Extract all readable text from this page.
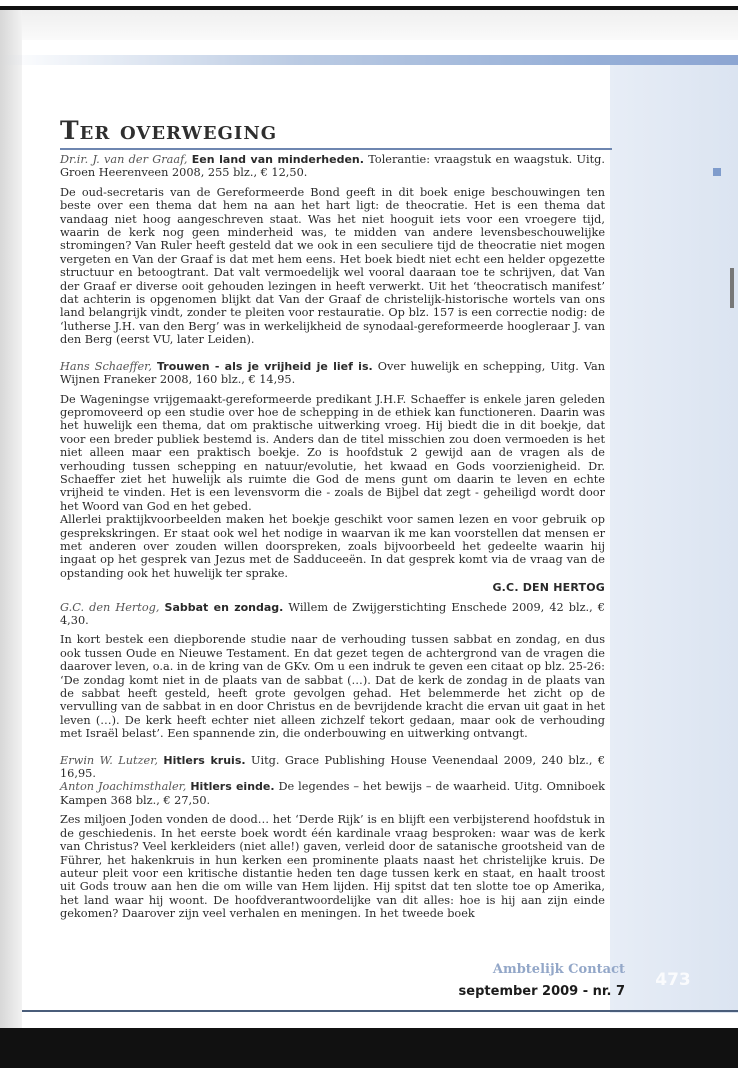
Ter overweging

Dr.ir. J. van der Graaf, Een land van minderheden. Tolerantie: vraagstuk en waagstuk. Uitg. Groen Heerenveen 2008, 255 blz., € 12,50.

De oud-secretaris van de Gereformeerde Bond geeft in dit boek enige beschouwingen ten beste over een thema dat hem na aan het hart ligt: de theocratie. Het is een thema dat vandaag niet hoog aangeschreven staat. Was het niet hooguit iets voor een vroegere tijd, waarin de kerk nog geen minderheid was, te midden van andere levensbeschouwelijke stromingen? Van Ruler heeft gesteld dat we ook in een seculiere tijd de theocratie niet mogen vergeten en Van der Graaf is dat met hem eens. Het boek biedt niet echt een helder opgezette structuur en betoogtrant. Dat valt vermoedelijk wel vooral daaraan toe te schrijven, dat Van der Graaf er diverse ooit gehouden lezingen in heeft verwerkt. Uit het ‘theocratisch manifest’ dat achterin is opgenomen blijkt dat Van der Graaf de christelijk-historische wortels van ons land belangrijk vindt, zonder te pleiten voor restauratie. Op blz. 157 is een correctie nodig: de ‘lutherse J.H. van den Berg’ was in werkelijkheid de synodaal-gereformeerde hoogleraar J. van den Berg (eerst VU, later Leiden).

Hans Schaeffer, Trouwen - als je vrijheid je lief is. Over huwelijk en schepping, Uitg. Van Wijnen Franeker 2008, 160 blz., € 14,95.

De Wageningse vrijgemaakt-gereformeerde predikant J.H.F. Schaeffer is enkele jaren geleden gepromoveerd op een studie over hoe de schepping in de ethiek kan functioneren. Daarin was het huwelijk een thema, dat om praktische uitwerking vroeg. Hij biedt die in dit boekje, dat voor een breder publiek bestemd is. Anders dan de titel misschien zou doen vermoeden is het niet alleen maar een praktisch boekje. Zo is hoofdstuk 2 gewijd aan de vragen als de verhouding tussen schepping en natuur/evolutie, het kwaad en Gods voorzienigheid. Dr. Schaeffer ziet het huwelijk als ruimte die God de mens gunt om daarin te leven en echte vrijheid te vinden. Het is een levensvorm die - zoals de Bijbel dat zegt - geheiligd wordt door het Woord van God en het gebed.

Allerlei praktijkvoorbeelden maken het boekje geschikt voor samen lezen en voor gebruik op gesprekskringen. Er staat ook wel het nodige in waarvan ik me kan voorstellen dat mensen er met anderen over zouden willen doorspreken, zoals bijvoorbeeld het gedeelte waarin hij ingaat op het gesprek van Jezus met de Sadduceeën. In dat gesprek komt via de vraag van de opstanding ook het huwelijk ter sprake.

G.C. DEN HERTOG

G.C. den Hertog, Sabbat en zondag. Willem de Zwijgerstichting Enschede 2009, 42 blz., € 4,30.

In kort bestek een diepborende studie naar de verhouding tussen sabbat en zondag, en dus ook tussen Oude en Nieuwe Testament. En dat gezet tegen de achtergrond van de vragen die daarover leven, o.a. in de kring van de GKv. Om u een indruk te geven een citaat op blz. 25-26: ‘De zondag komt niet in de plaats van de sabbat (…). Dat de kerk de zondag in de plaats van de sabbat heeft gesteld, heeft grote gevolgen gehad. Het belemmerde het zicht op de vervulling van de sabbat in en door Christus en de bevrijdende kracht die ervan uit gaat in het leven (…). De kerk heeft echter niet alleen zichzelf tekort gedaan, maar ook de verhouding met Israël belast’. Een spannende zin, die onderbouwing en uitwerking ontvangt.

Erwin W. Lutzer, Hitlers kruis. Uitg. Grace Publishing House Veenendaal 2009, 240 blz., € 16,95.

Anton Joachimsthaler, Hitlers einde. De legendes – het bewijs – de waarheid. Uitg. Omniboek Kampen 368 blz., € 27,50.

Zes miljoen Joden vonden de dood… het ‘Derde Rijk’ is en blijft een verbijsterend hoofdstuk in de geschiedenis. In het eerste boek wordt één kardinale vraag besproken: waar was de kerk van Christus? Veel kerkleiders (niet alle!) gaven, verleid door de satanische grootsheid van de Führer, het hakenkruis in hun kerken een prominente plaats naast het christelijke kruis. De auteur pleit voor een kritische distantie heden ten dage tussen kerk en staat, en haalt troost uit Gods trouw aan hen die om wille van Hem lijden. Hij spitst dat ten slotte toe op Amerika, het land waar hij woont. De hoofdverantwoordelijke van dit alles: hoe is hij aan zijn einde gekomen? Daarover zijn veel verhalen en meningen. In het tweede boek

Ambtelijk Contact
september 2009 - nr. 7
473
